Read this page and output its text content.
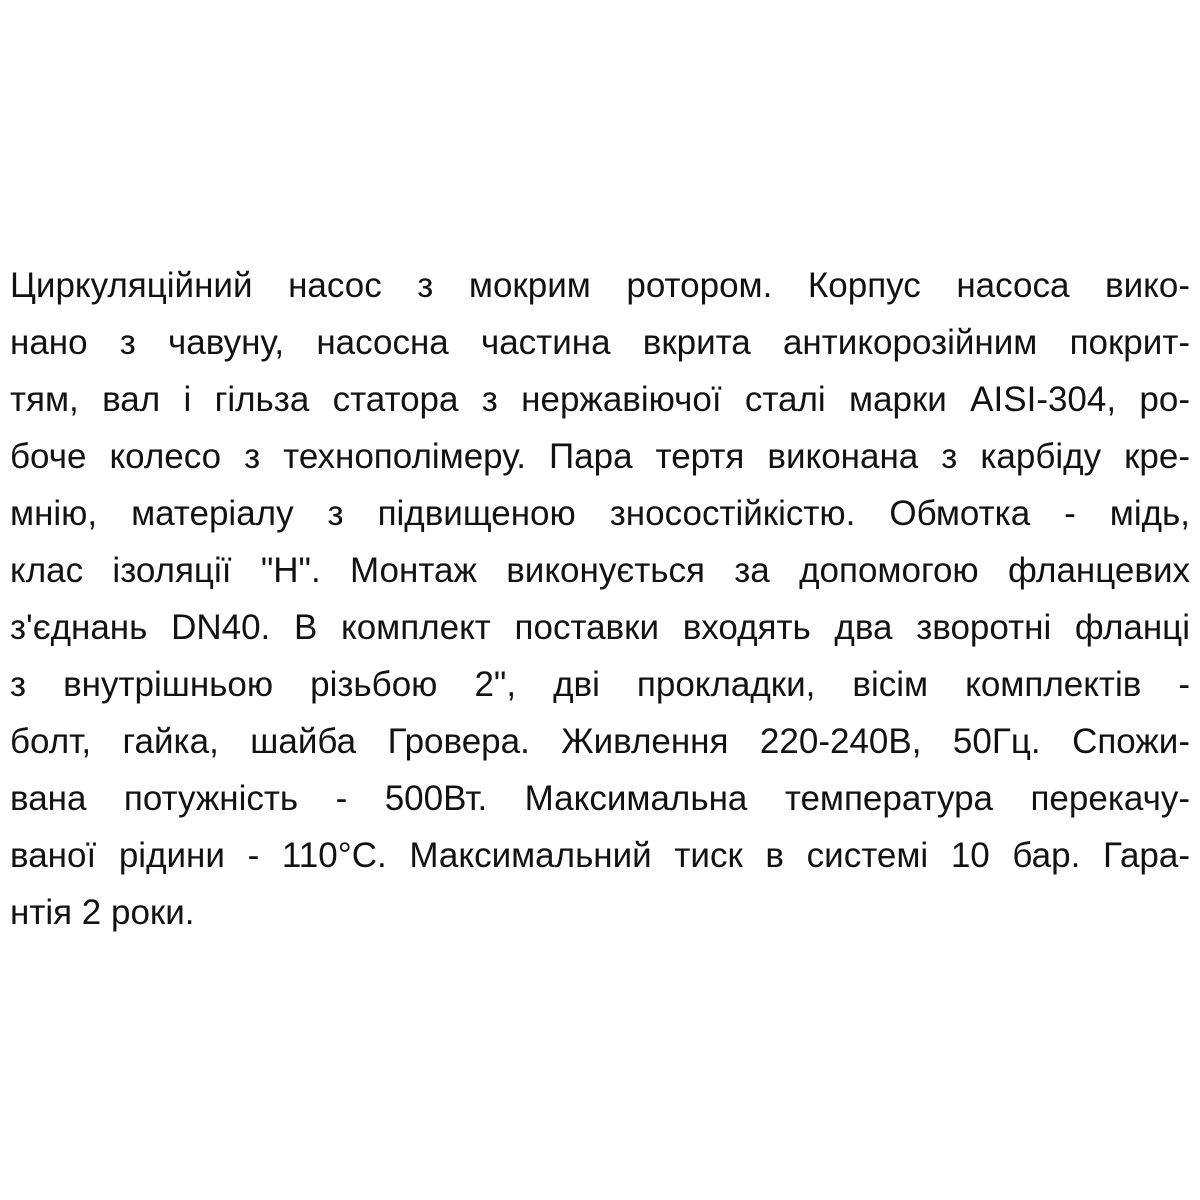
Циркуляційний насос з мокрим ротором. Корпус насоса вико-
нано з чавуну, насосна частина вкрита антикорозійним покрит-
тям, вал і гільза статора з нержавіючої сталі марки AISI-304, ро-
боче колесо з технополімеру. Пара тертя виконана з карбіду кре-
мнію, матеріалу з підвищеною зносостійкістю. Обмотка - мідь,
клас ізоляції "Н". Монтаж виконується за допомогою фланцевих
з'єднань DN40. В комплект поставки входять два зворотні фланці
з внутрішньою різьбою 2", дві прокладки, вісім комплектів -
болт, гайка, шайба Гровера. Живлення 220-240В, 50Гц. Спожи-
вана потужність - 500Вт. Максимальна температура перекачу-
ваної рідини - 110°С. Максимальний тиск в системі 10 бар. Гара-
нтія 2 роки.
